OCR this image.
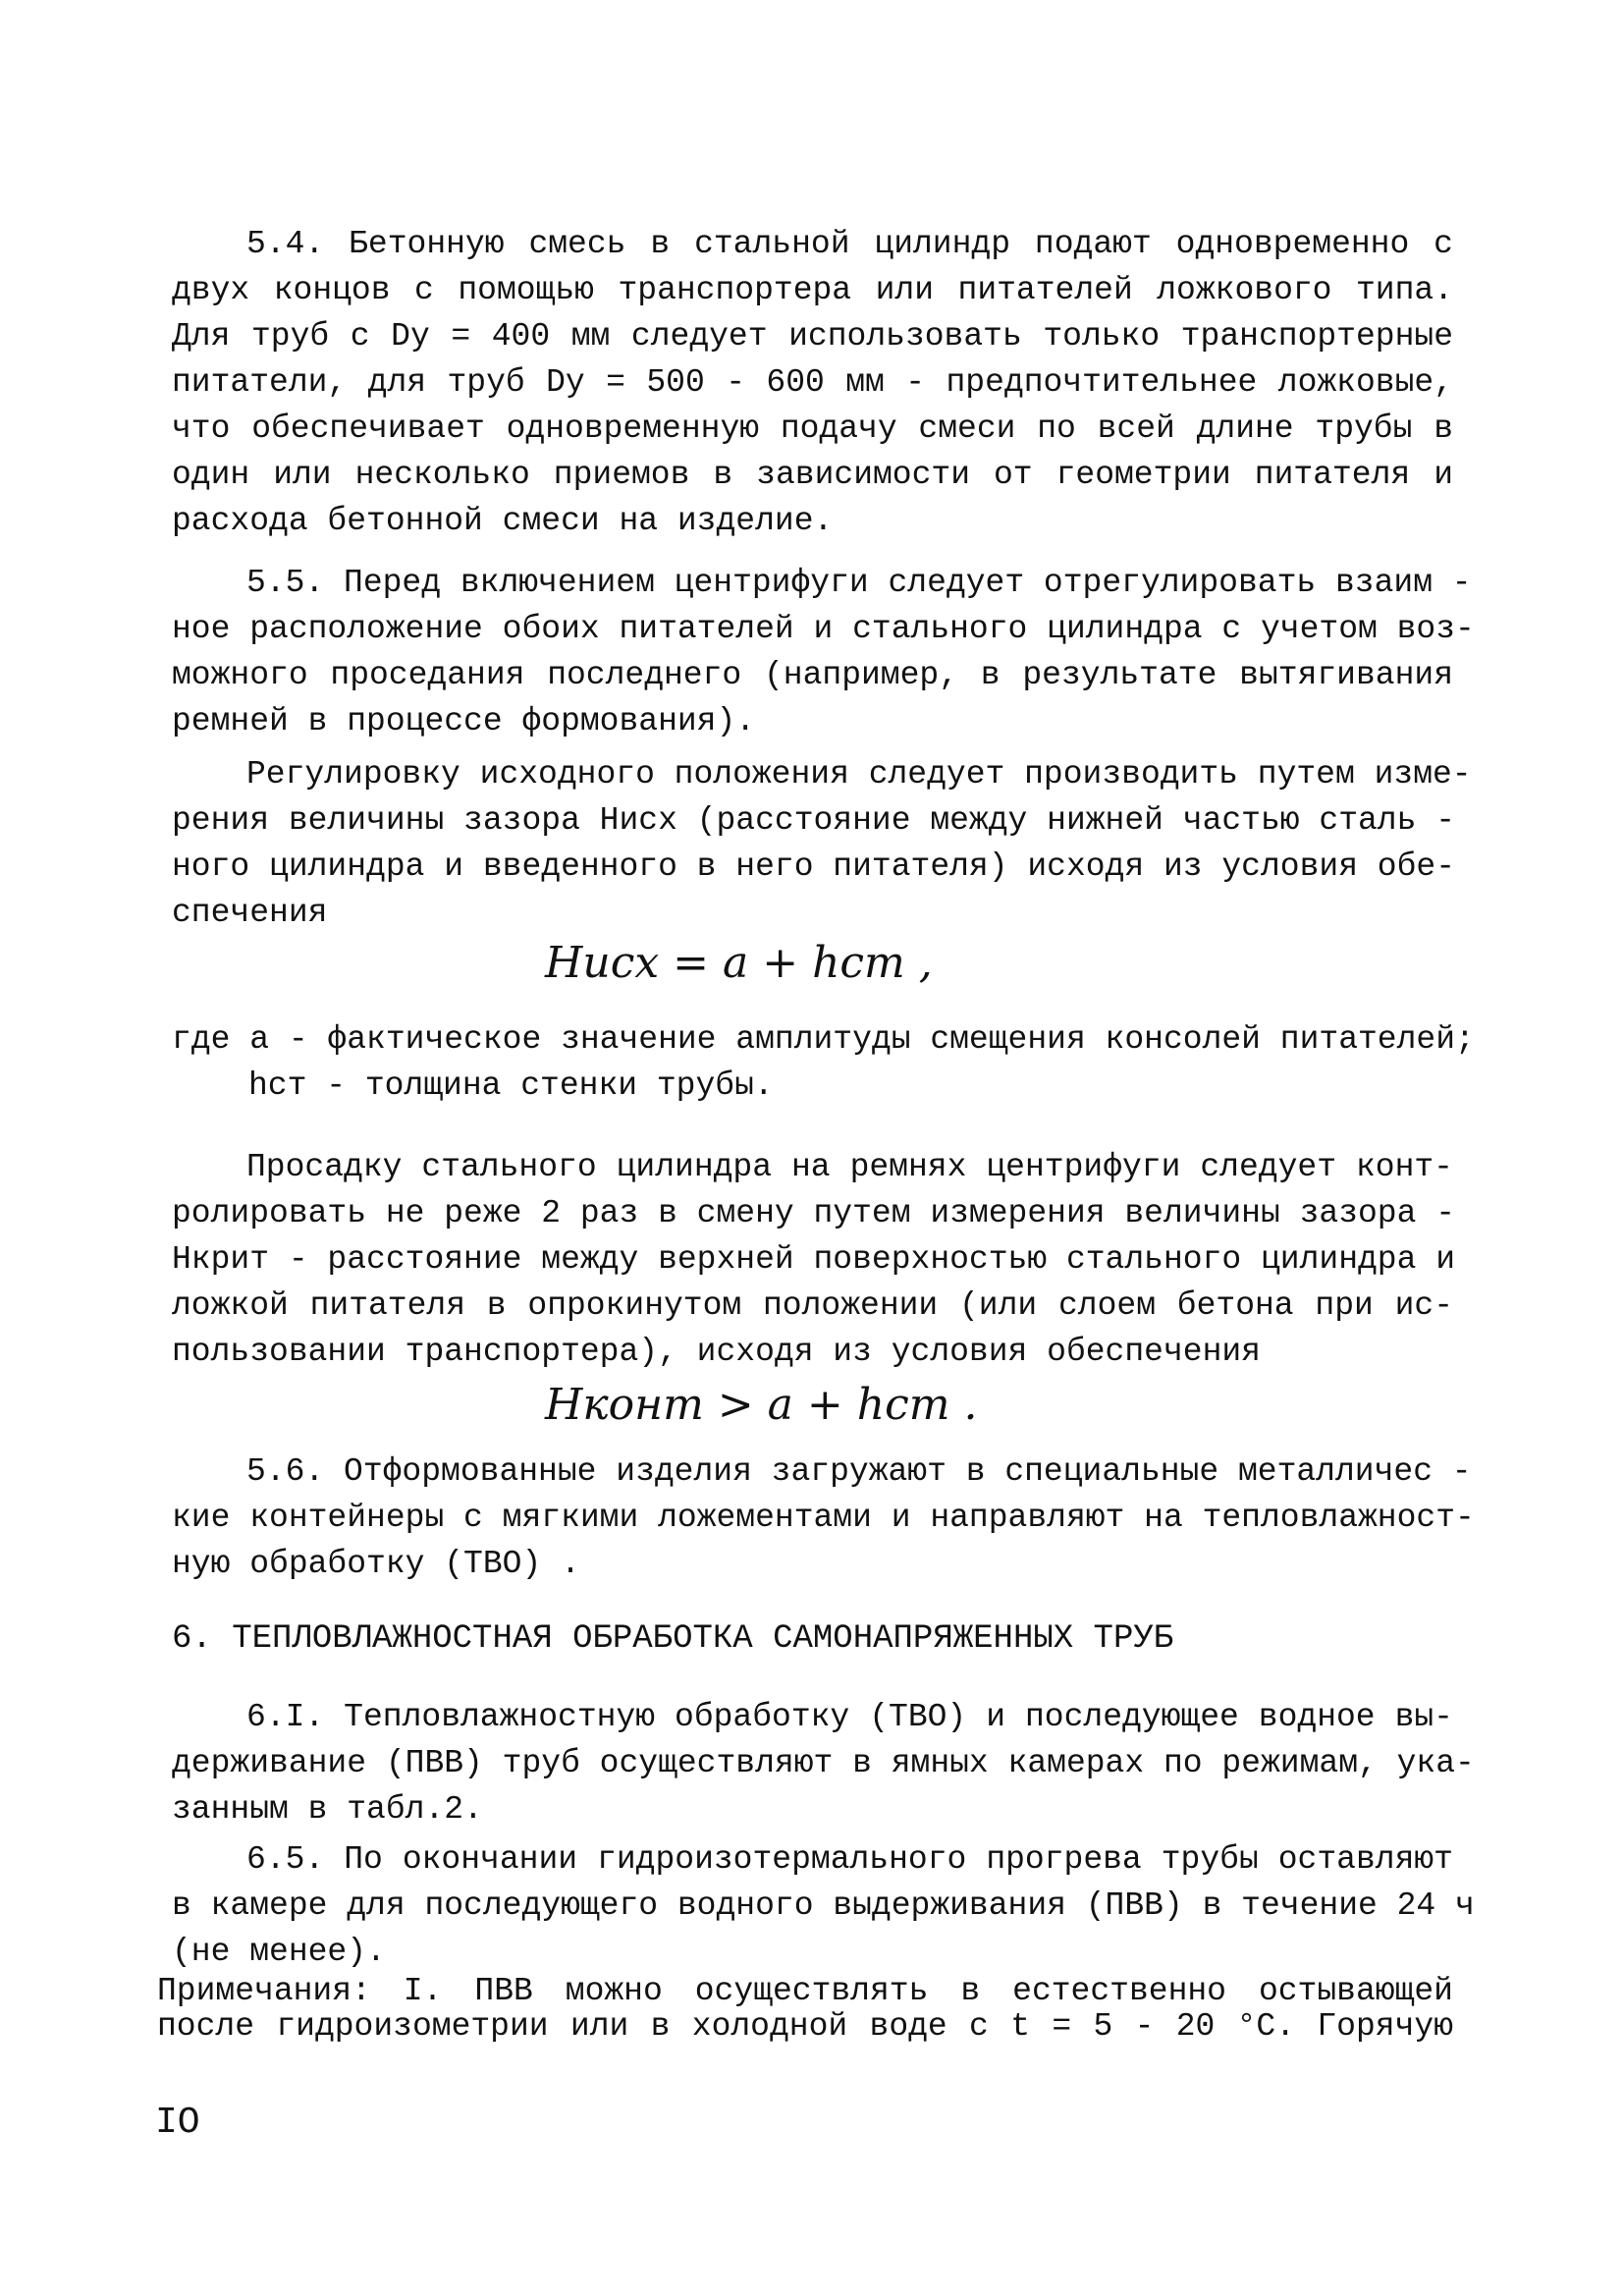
5.4. Бетонную смесь в стальной цилиндр подают одновременно с
двух концов с помощью транспортера или питателей ложкового типа.
Для труб с Dу = 400 мм следует использовать только транспортерные
питатели, для труб Dу = 500 - 600 мм - предпочтительнее ложковые,
что обеспечивает одновременную подачу смеси по всей длине трубы в
один или несколько приемов в зависимости от геометрии питателя и
расхода бетонной смеси на изделие.
5.5. Перед включением центрифуги следует отрегулировать взаим -
ное расположение обоих питателей и стального цилиндра с учетом воз-
можного проседания последнего (например, в результате вытягивания
ремней в процессе формования).
Регулировку исходного положения следует производить путем изме-
рения величины зазора Hисх (расстояние между нижней частью сталь -
ного цилиндра и введенного в него питателя) исходя из условия обе-
спечения
Hисх = a + hст ,
где a - фактическое значение амплитуды смещения консолей питателей;
hст - толщина стенки трубы.
Просадку стального цилиндра на ремнях центрифуги следует конт-
ролировать не реже 2 раз в смену путем измерения величины зазора -
Hкрит - расстояние между верхней поверхностью стального цилиндра и
ложкой питателя в опрокинутом положении (или слоем бетона при ис-
пользовании транспортера), исходя из условия обеспечения
Hконт > a + hст .
5.6. Отформованные изделия загружают в специальные металличес -
кие контейнеры с мягкими ложементами и направляют на тепловлажност-
ную обработку (ТВО) .
6. ТЕПЛОВЛАЖНОСТНАЯ ОБРАБОТКА САМОНАПРЯЖЕННЫХ ТРУБ
6.I. Тепловлажностную обработку (ТВО) и последующее водное вы-
держивание (ПВВ) труб осуществляют в ямных камерах по режимам, ука-
занным в табл.2.
6.5. По окончании гидроизотермального прогрева трубы оставляют
в камере для последующего водного выдерживания (ПВВ) в течение 24 ч
(не менее).
Примечания: I. ПВВ можно осуществлять в естественно остывающей
после гидроизометрии или в холодной воде с t = 5 - 20 °C. Горячую
IO
